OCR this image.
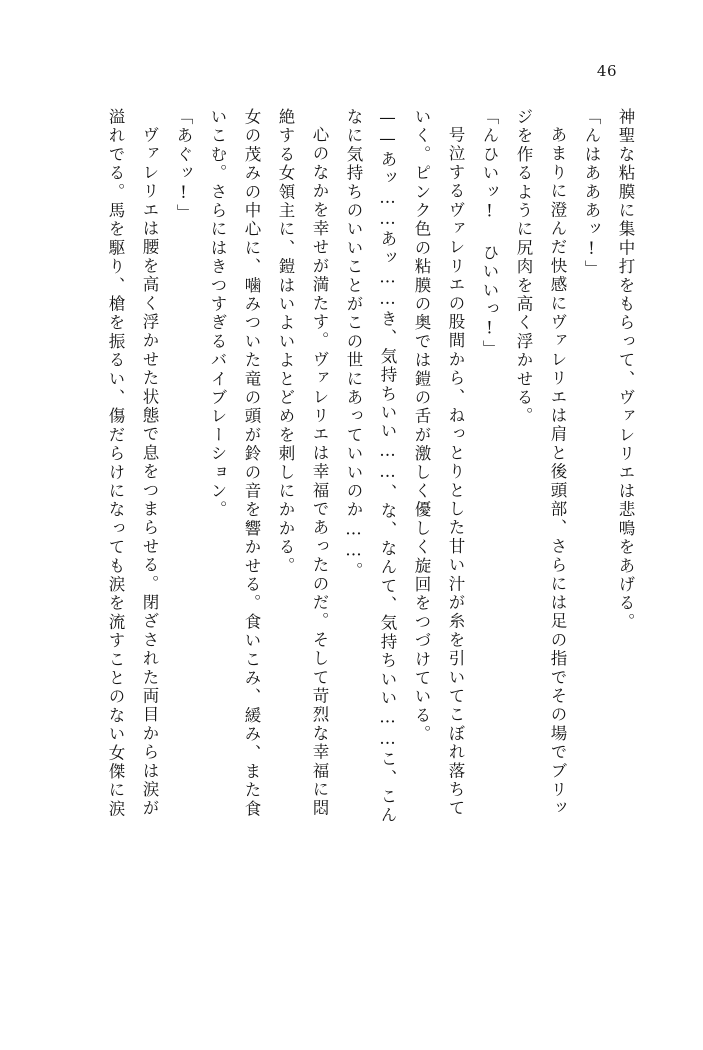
46
神聖な粘膜に集中打をもらって、ヴァレリエは悲鳴をあげる。
「んはあああッ!」
あまりに澄んだ快感にヴァレリエは肩と後頭部、さらには足の指でその場でブリッ
ジを作るように尻肉を高く浮かせる。
「んひいッ! ひいいっ!」
号泣するヴァレリエの股間から、ねっとりとした甘い汁が糸を引いてこぼれ落ちて
いく。ピンク色の粘膜の奥では鎧の舌が激しく優しく旋回をつづけている。
——あッ……あッ……き、気持ちいい……、な、なんて、気持ちいい……こ、こん
なに気持ちのいいことがこの世にあっていいのか……。
心のなかを幸せが満たす。ヴァレリエは幸福であったのだ。そして苛烈な幸福に悶
絶する女領主に、鎧はいよいよとどめを刺しにかかる。
女の茂みの中心に、噛みついた竜の頭が鈴の音を響かせる。食いこみ、緩み、また食
いこむ。さらにはきつすぎるバイブレーション。
「あぐッ!」
ヴァレリエは腰を高く浮かせた状態で息をつまらせる。閉ざされた両目からは涙が
溢れでる。馬を駆り、槍を振るい、傷だらけになっても涙を流すことのない女傑に涙
